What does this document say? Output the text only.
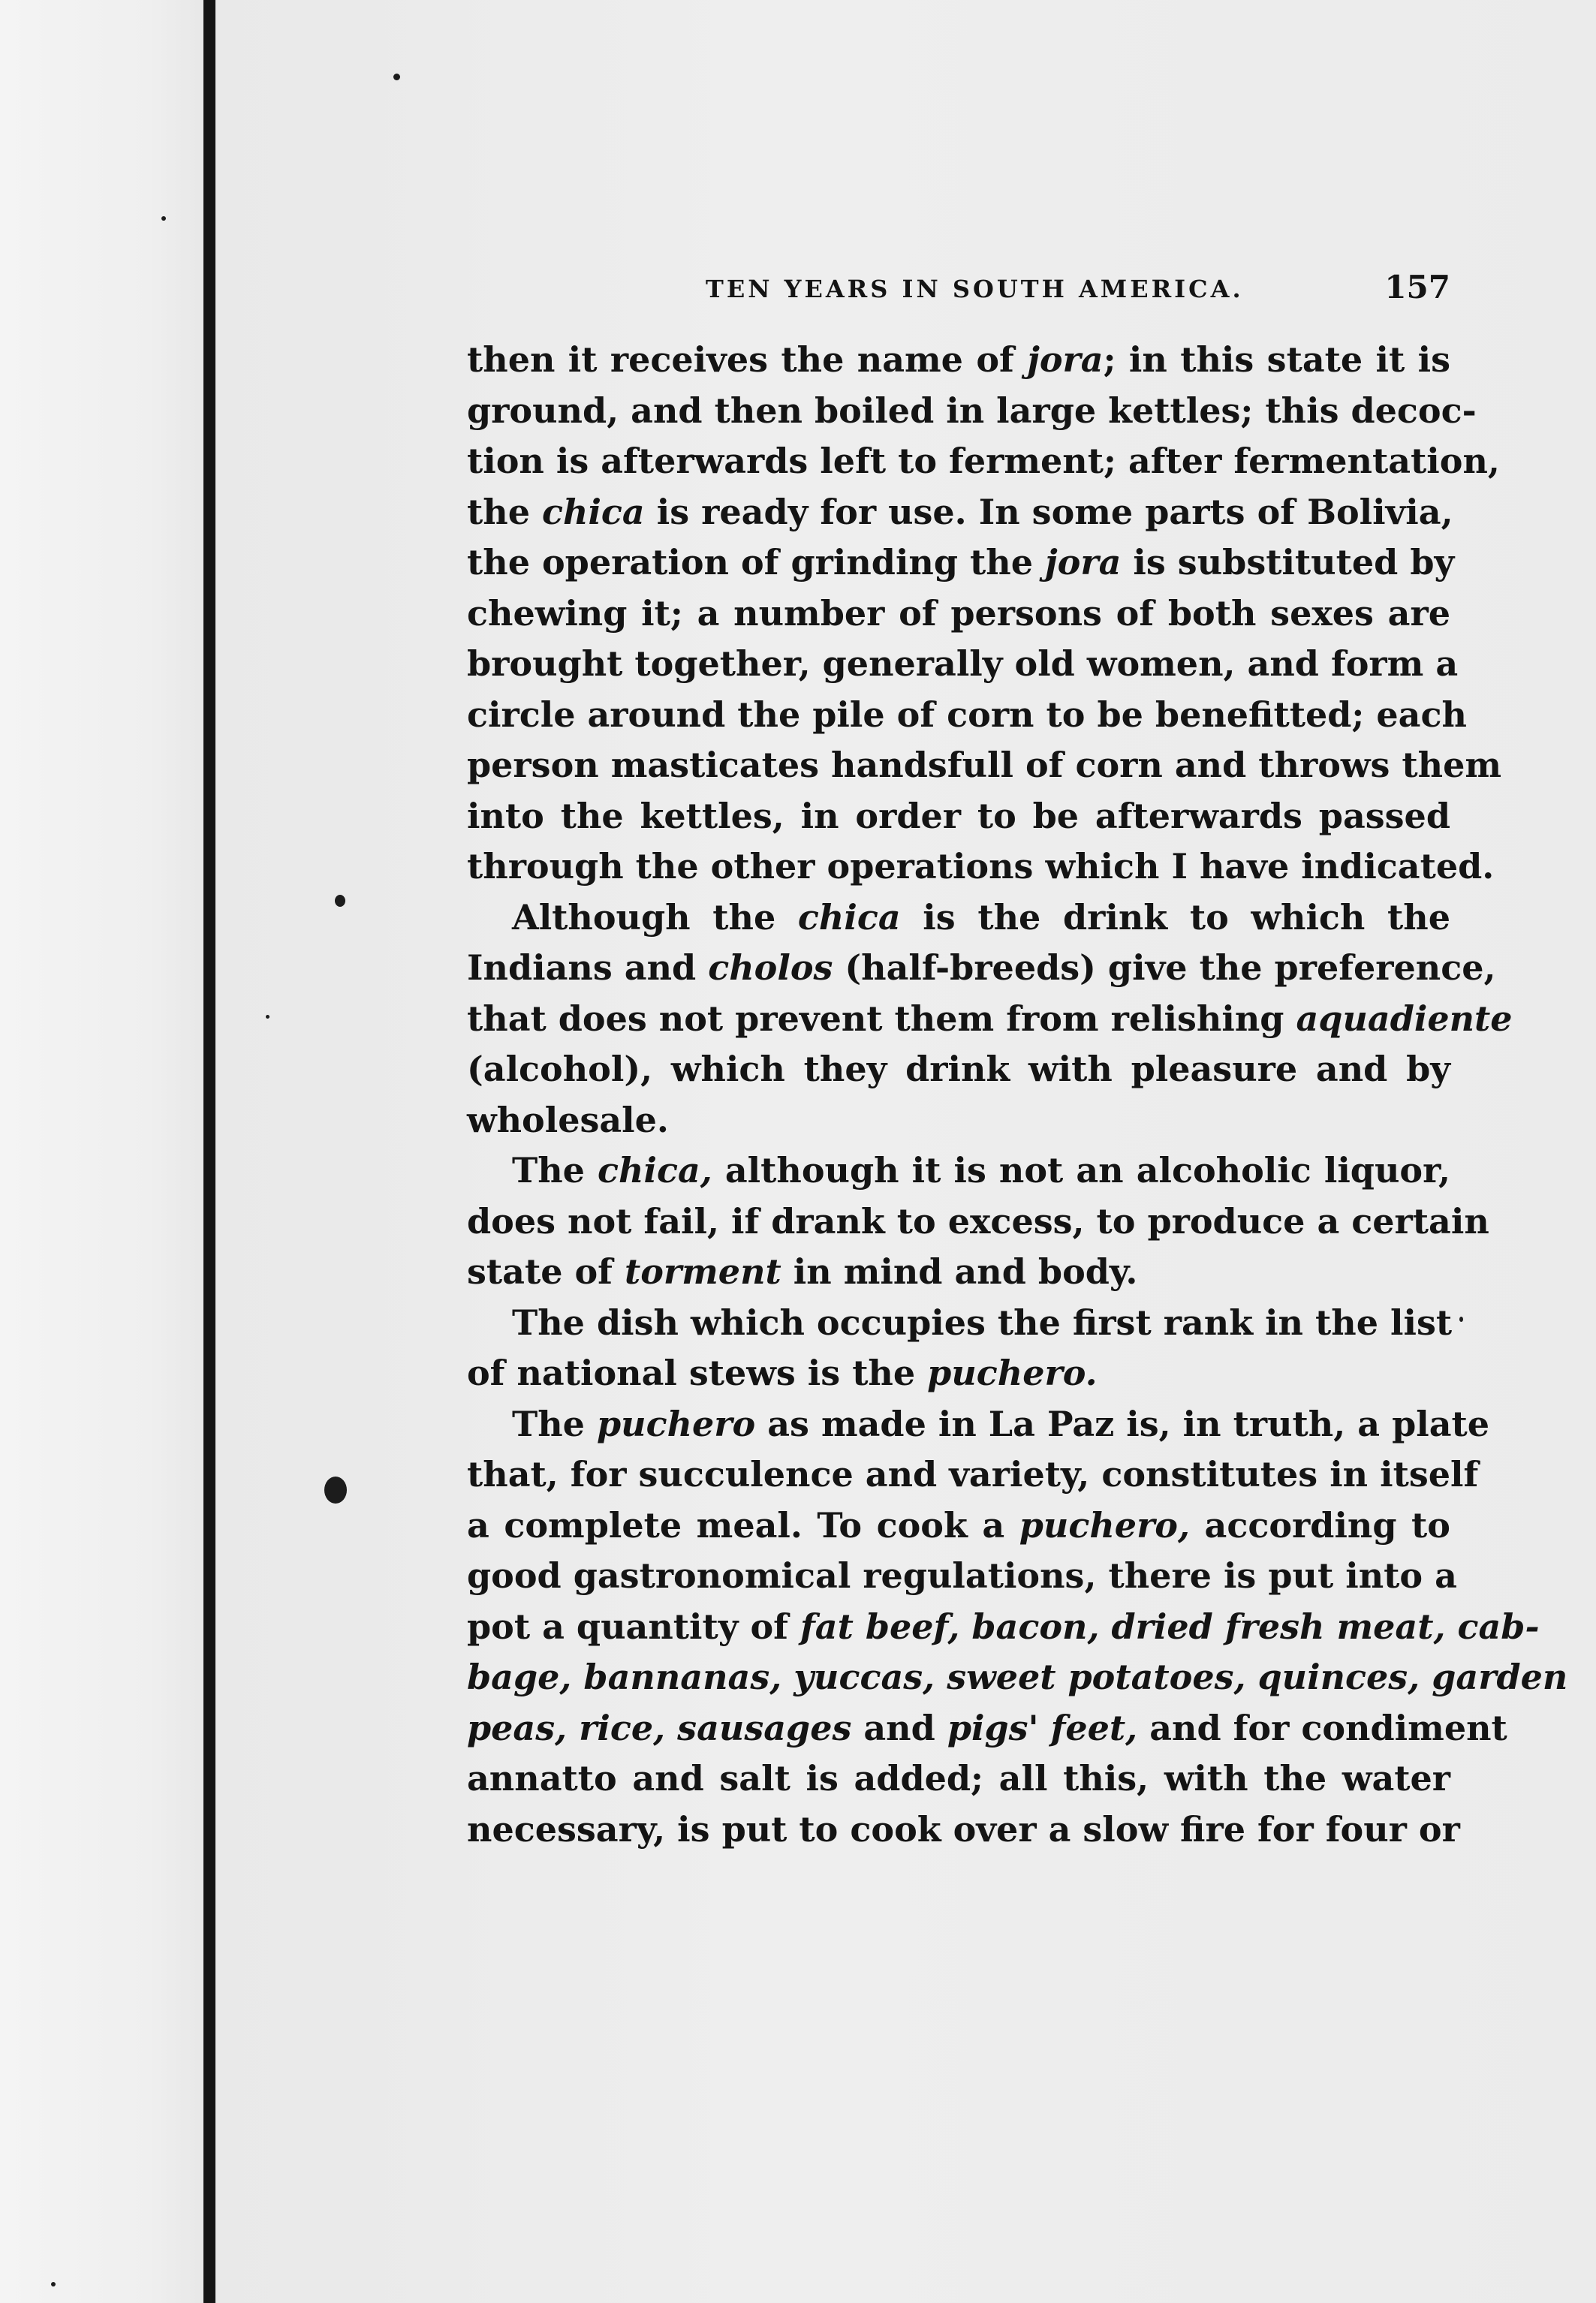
TEN YEARS IN SOUTH AMERICA.	157
then it receives the name of jora; in this state it is
ground, and then boiled in large kettles; this decoc-
tion is afterwards left to ferment; after fermentation,
the chica is ready for use. In some parts of Bolivia,
the operation of grinding the jora is substituted by
chewing it; a number of persons of both sexes are
brought together, generally old women, and form a
circle around the pile of corn to be benefitted; each
person masticates handsfull of corn and throws them
into the kettles, in order to be afterwards passed
through the other operations which I have indicated.
Although the chica is the drink to which the
Indians and cholos (half-breeds) give the preference,
that does not prevent them from relishing aquadiente
(alcohol), which they drink with pleasure and by
wholesale.
The chica, although it is not an alcoholic liquor,
does not fail, if drank to excess, to produce a certain
state of torment in mind and body.
The dish which occupies the first rank in the list
of national stews is the puchero.
The puchero as made in La Paz is, in truth, a plate
that, for succulence and variety, constitutes in itself
a complete meal. To cook a puchero, according to
good gastronomical regulations, there is put into a
pot a quantity of fat beef, bacon, dried fresh meat, cab-
bage, bannanas, yuccas, sweet potatoes, quinces, garden
peas, rice, sausages and pigs' feet, and for condiment
annatto and salt is added; all this, with the water
necessary, is put to cook over a slow fire for four or
